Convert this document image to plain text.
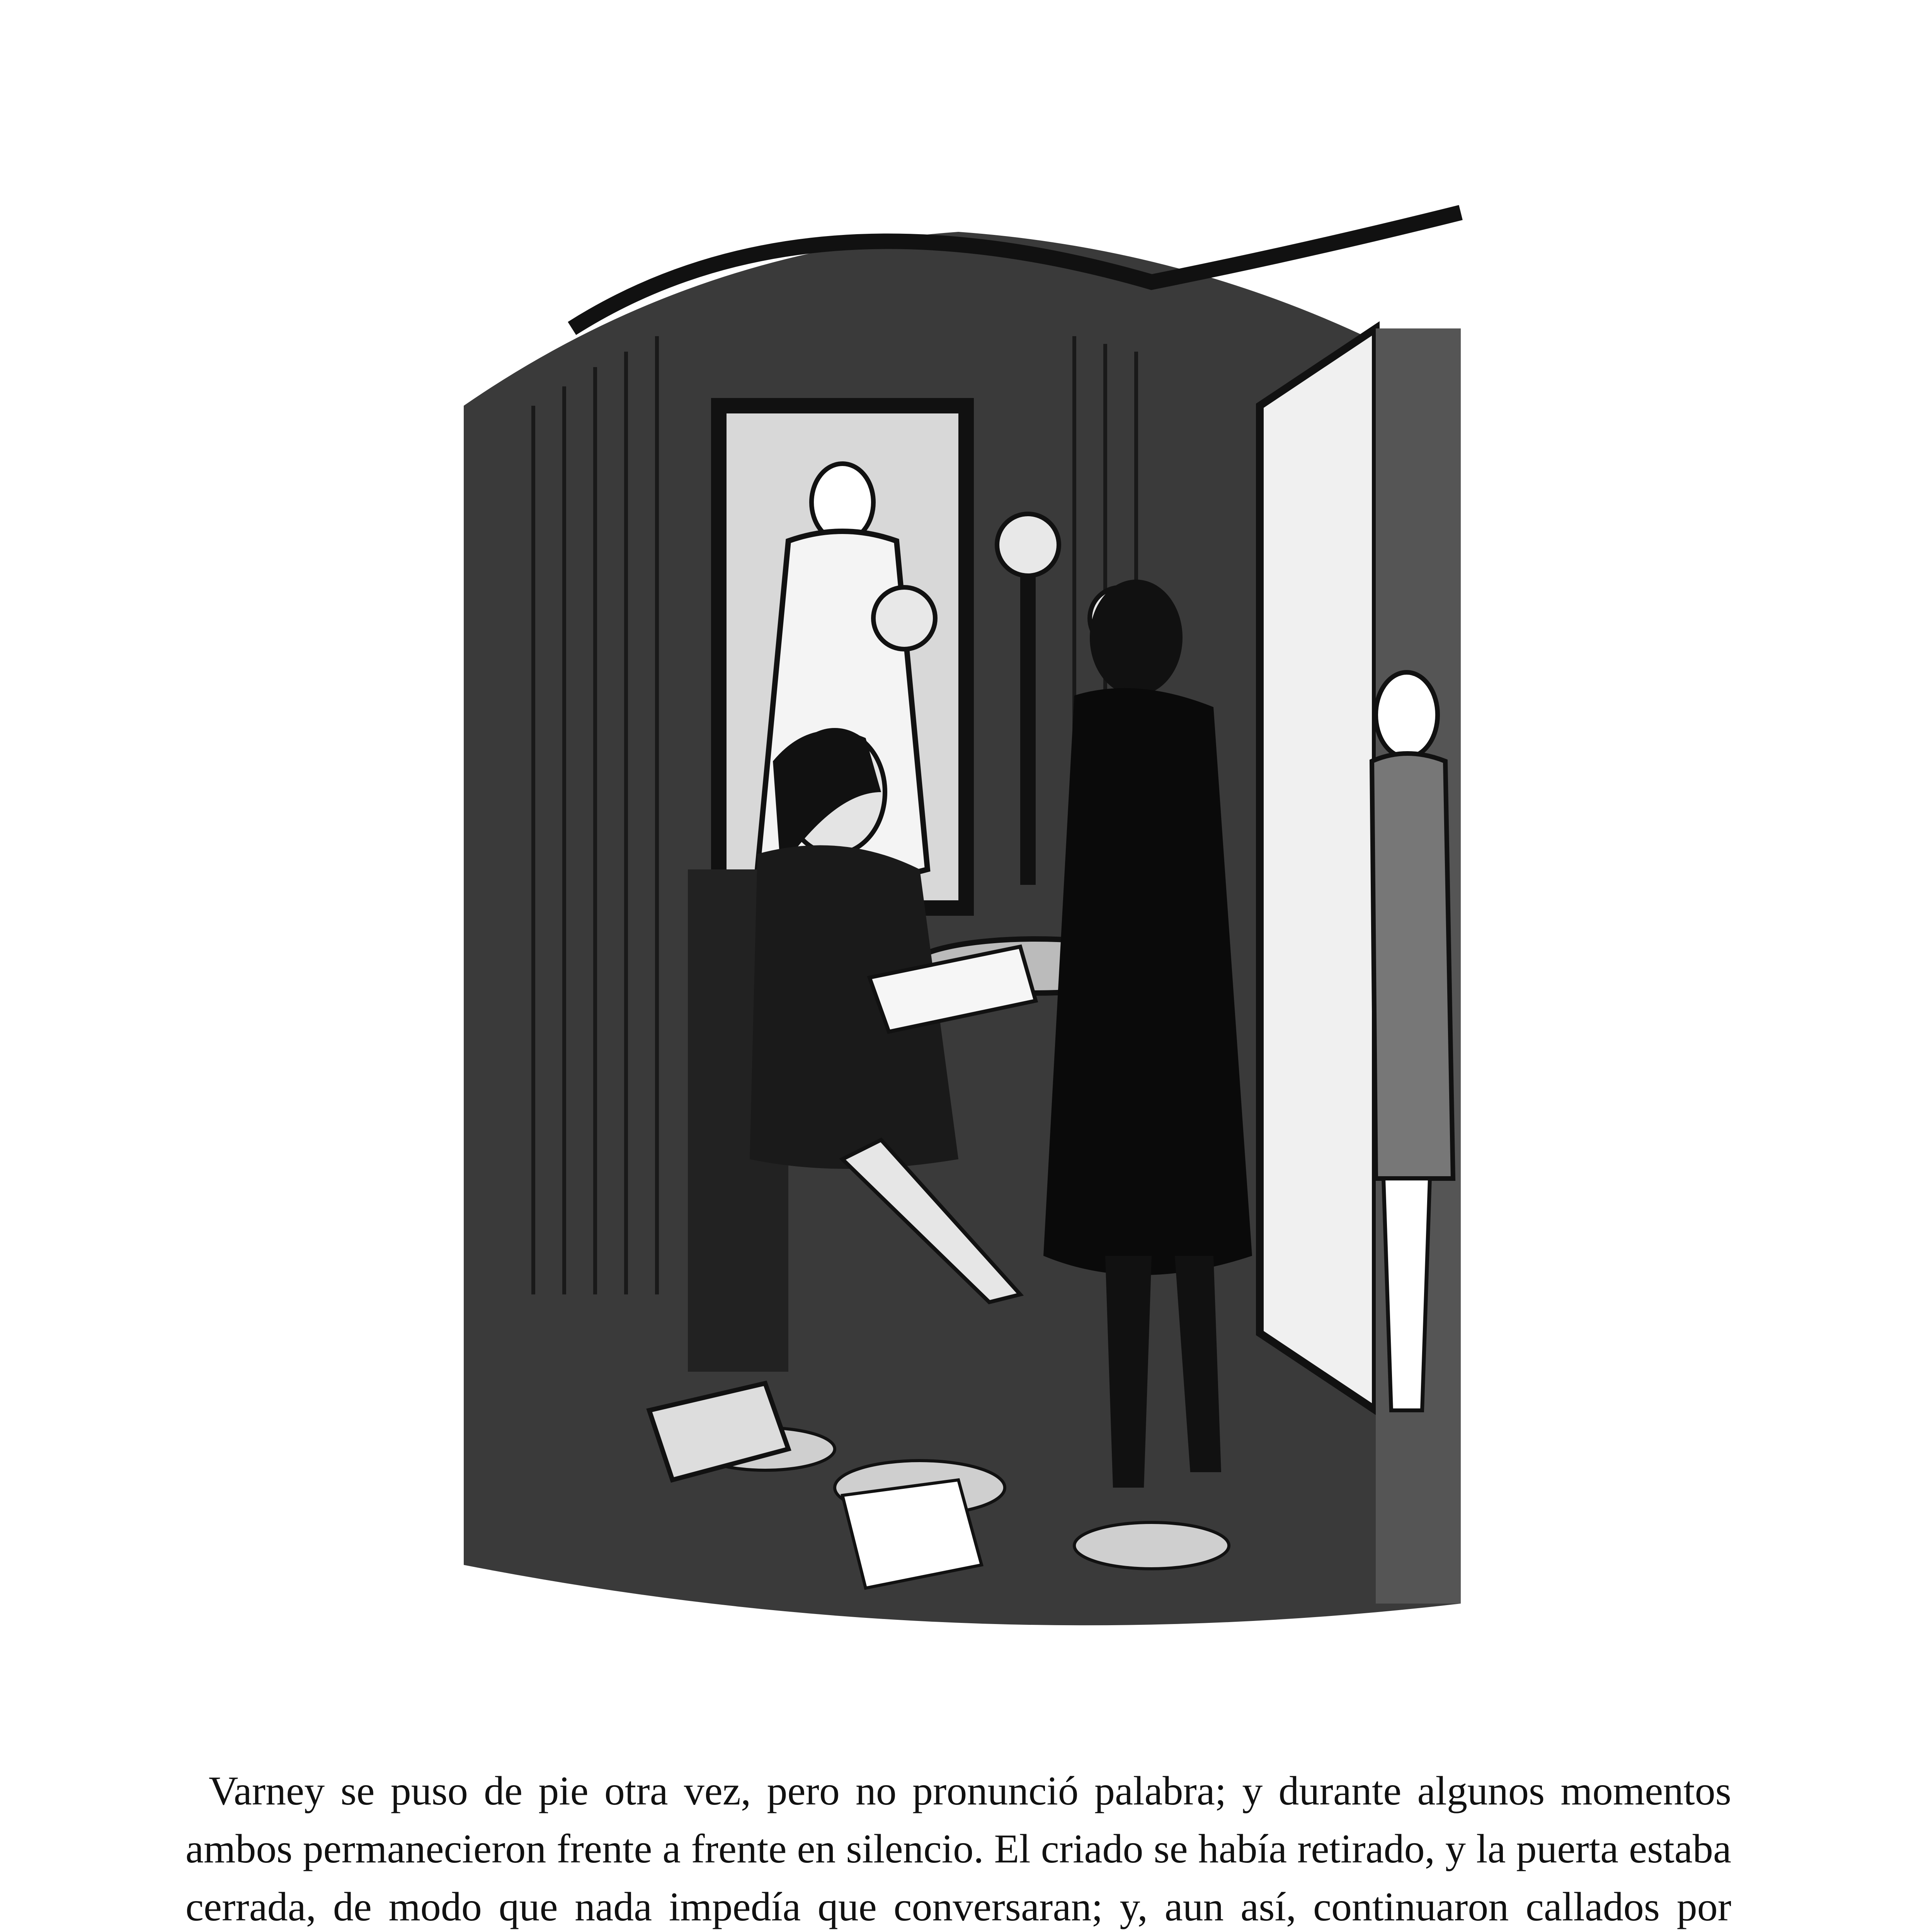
Varney se puso de pie otra vez, pero no pronunció palabra; y durante algunos momentos ambos permanecieron frente a frente en silencio. El criado se había retirado, y la puerta estaba cerrada, de modo que nada impedía que conversaran; y, aun así, continuaron callados por
